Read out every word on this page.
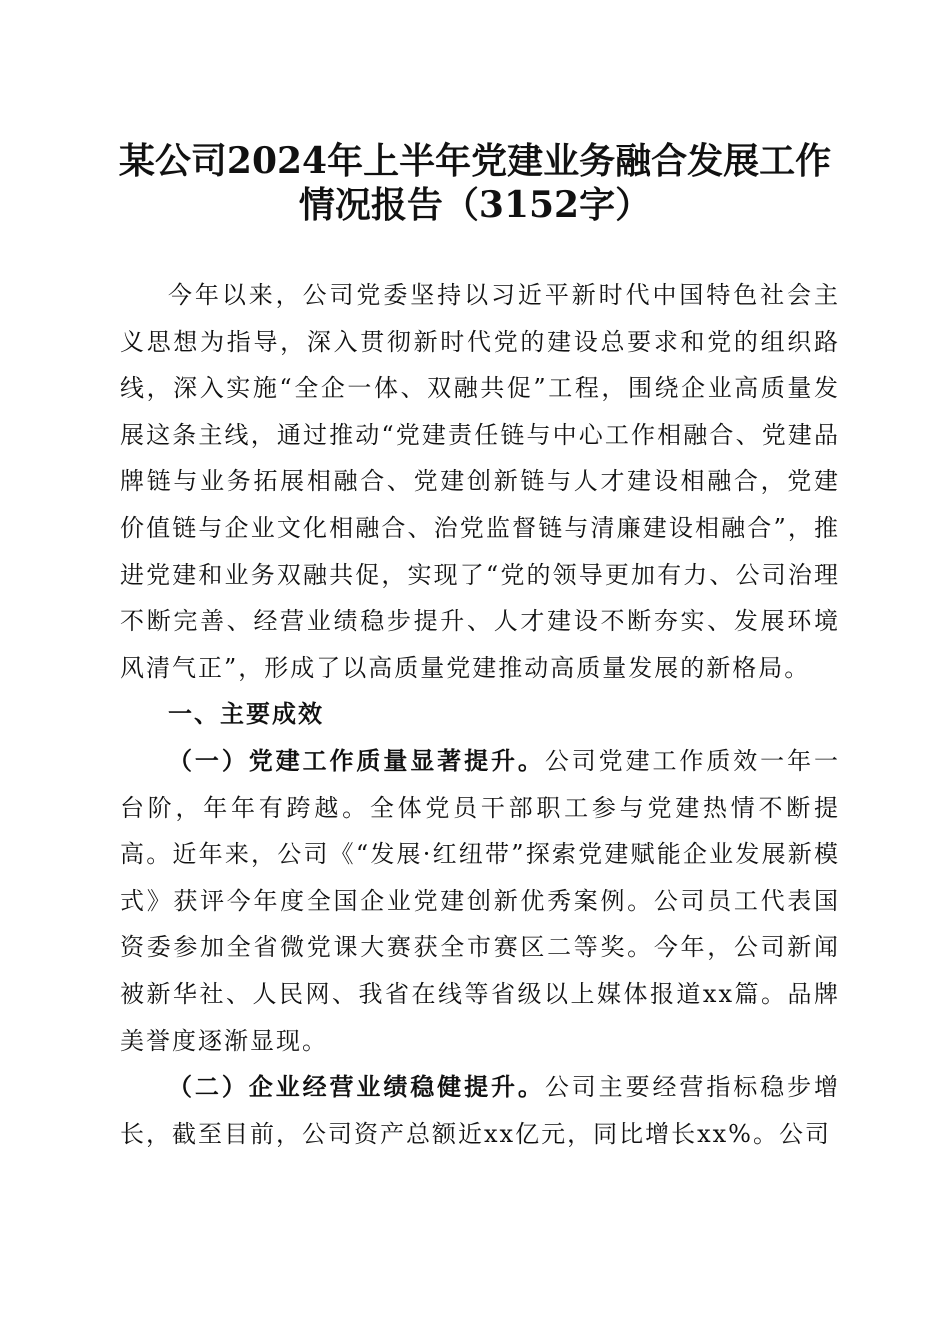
某公司2024年上半年党建业务融合发展工作
情况报告（3152字）

今年以来，公司党委坚持以习近平新时代中国特色社会主义思想为指导，深入贯彻新时代党的建设总要求和党的组织路线，深入实施“全企一体、双融共促”工程，围绕企业高质量发展这条主线，通过推动“党建责任链与中心工作相融合、党建品牌链与业务拓展相融合、党建创新链与人才建设相融合，党建价值链与企业文化相融合、治党监督链与清廉建设相融合”，推进党建和业务双融共促，实现了“党的领导更加有力、公司治理不断完善、经营业绩稳步提升、人才建设不断夯实、发展环境风清气正”，形成了以高质量党建推动高质量发展的新格局。

一、主要成效

（一）党建工作质量显著提升。公司党建工作质效一年一台阶，年年有跨越。全体党员干部职工参与党建热情不断提高。近年来，公司《“发展·红纽带”探索党建赋能企业发展新模式》获评今年度全国企业党建创新优秀案例。公司员工代表国资委参加全省微党课大赛获全市赛区二等奖。今年，公司新闻被新华社、人民网、我省在线等省级以上媒体报道xx篇。品牌美誉度逐渐显现。

（二）企业经营业绩稳健提升。公司主要经营指标稳步增长，截至目前，公司资产总额近xx亿元，同比增长xx%。公司
